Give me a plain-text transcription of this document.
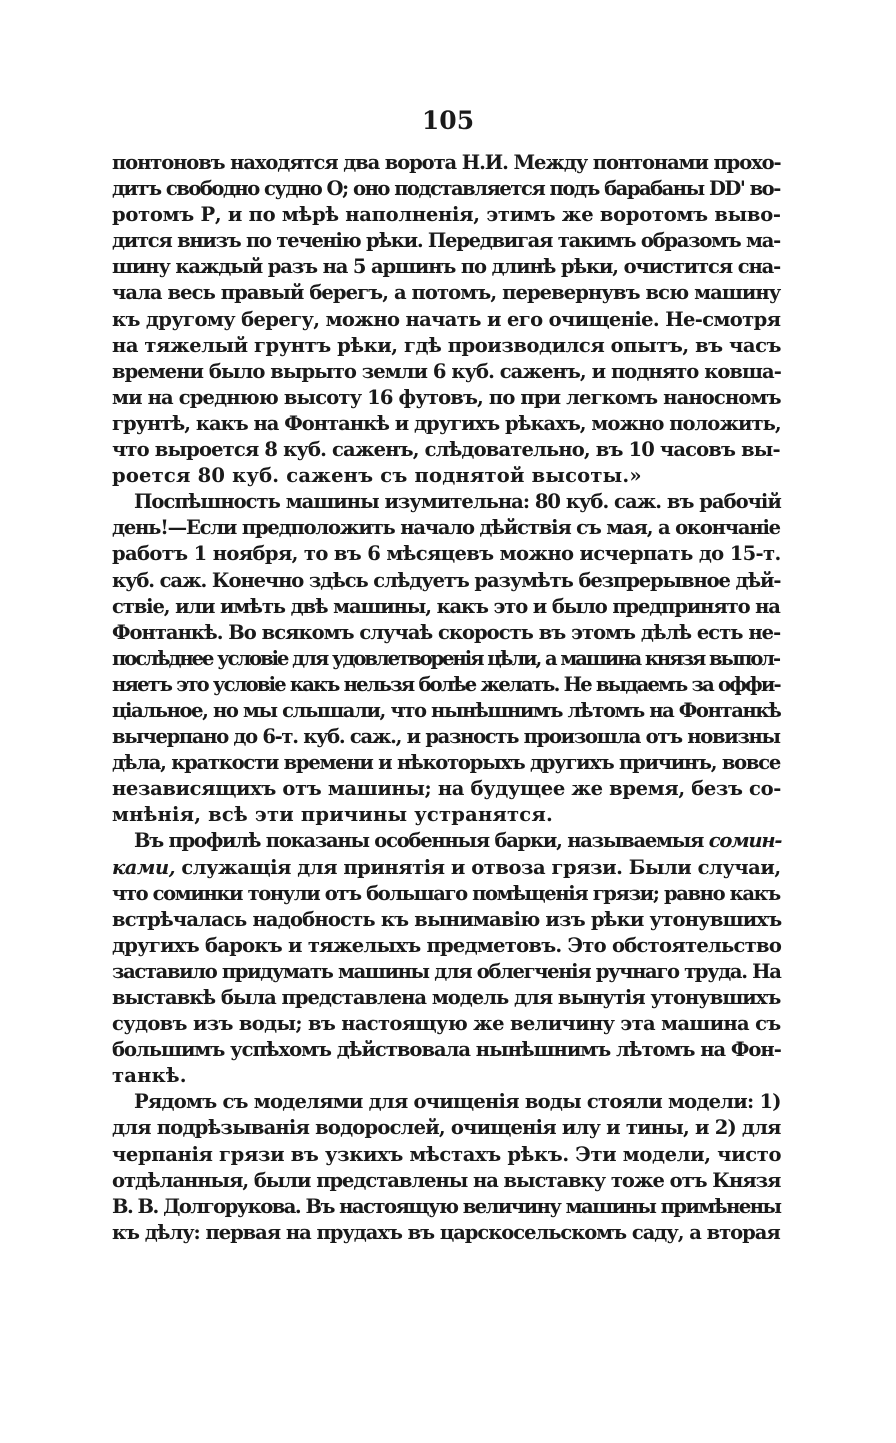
105
понтоновъ находятся два ворота Н.И. Между понтонами прохо-
дитъ свободно судно О; оно подставляется подъ барабаны DD' во-
ротомъ Р, и по мѣрѣ наполненія, этимъ же воротомъ выво-
дится внизъ по теченію рѣки. Передвигая такимъ образомъ ма-
шину каждый разъ на 5 аршинъ по длинѣ рѣки, очистится сна-
чала весь правый берегъ, а потомъ, перевернувъ всю машину
къ другому берегу, можно начать и его очищеніе. Не-смотря
на тяжелый грунтъ рѣки, гдѣ производился опытъ, въ часъ
времени было вырыто земли 6 куб. саженъ, и поднято ковша-
ми на среднюю высоту 16 футовъ, по при легкомъ наносномъ
грунтѣ, какъ на Фонтанкѣ и другихъ рѣкахъ, можно положить,
что выроется 8 куб. саженъ, слѣдовательно, въ 10 часовъ вы-
роется 80 куб. саженъ съ поднятой высоты.»
Поспѣшность машины изумительна: 80 куб. саж. въ рабочій
день!—Если предположить начало дѣйствія съ мая, а окончаніе
работъ 1 ноября, то въ 6 мѣсяцевъ можно исчерпать до 15-т.
куб. саж. Конечно здѣсь слѣдуетъ разумѣть безпрерывное дѣй-
ствіе, или имѣть двѣ машины, какъ это и было предпринято на
Фонтанкѣ. Во всякомъ случаѣ скорость въ этомъ дѣлѣ есть не-
послѣднее условіе для удовлетворенія цѣли, а машина князя выпол-
няетъ это условіе какъ нельзя болѣе желать. Не выдаемъ за оффи-
ціальное, но мы слышали, что нынѣшнимъ лѣтомъ на Фонтанкѣ
вычерпано до 6-т. куб. саж., и разность произошла отъ новизны
дѣла, краткости времени и нѣкоторыхъ другихъ причинъ, вовсе
независящихъ отъ машины; на будущее же время, безъ со-
мнѣнія, всѣ эти причины устранятся.
Въ профилѣ показаны особенныя барки, называемыя сомин-
ками, служащія для принятія и отвоза грязи. Были случаи,
что соминки тонули отъ большаго помѣщенія грязи; равно какъ
встрѣчалась надобность къ вынимавію изъ рѣки утонувшихъ
другихъ барокъ и тяжелыхъ предметовъ. Это обстоятельство
заставило придумать машины для облегченія ручнаго труда. На
выставкѣ была представлена модель для вынутія утонувшихъ
судовъ изъ воды; въ настоящую же величину эта машина съ
большимъ успѣхомъ дѣйствовала нынѣшнимъ лѣтомъ на Фон-
танкѣ.
Рядомъ съ моделями для очищенія воды стояли модели: 1)
для подрѣзыванія водорослей, очищенія илу и тины, и 2) для
черпанія грязи въ узкихъ мѣстахъ рѣкъ. Эти модели, чисто
отдѣланныя, были представлены на выставку тоже отъ Князя
В. В. Долгорукова. Въ настоящую величину машины примѣнены
къ дѣлу: первая на прудахъ въ царскосельскомъ саду, а вторая
